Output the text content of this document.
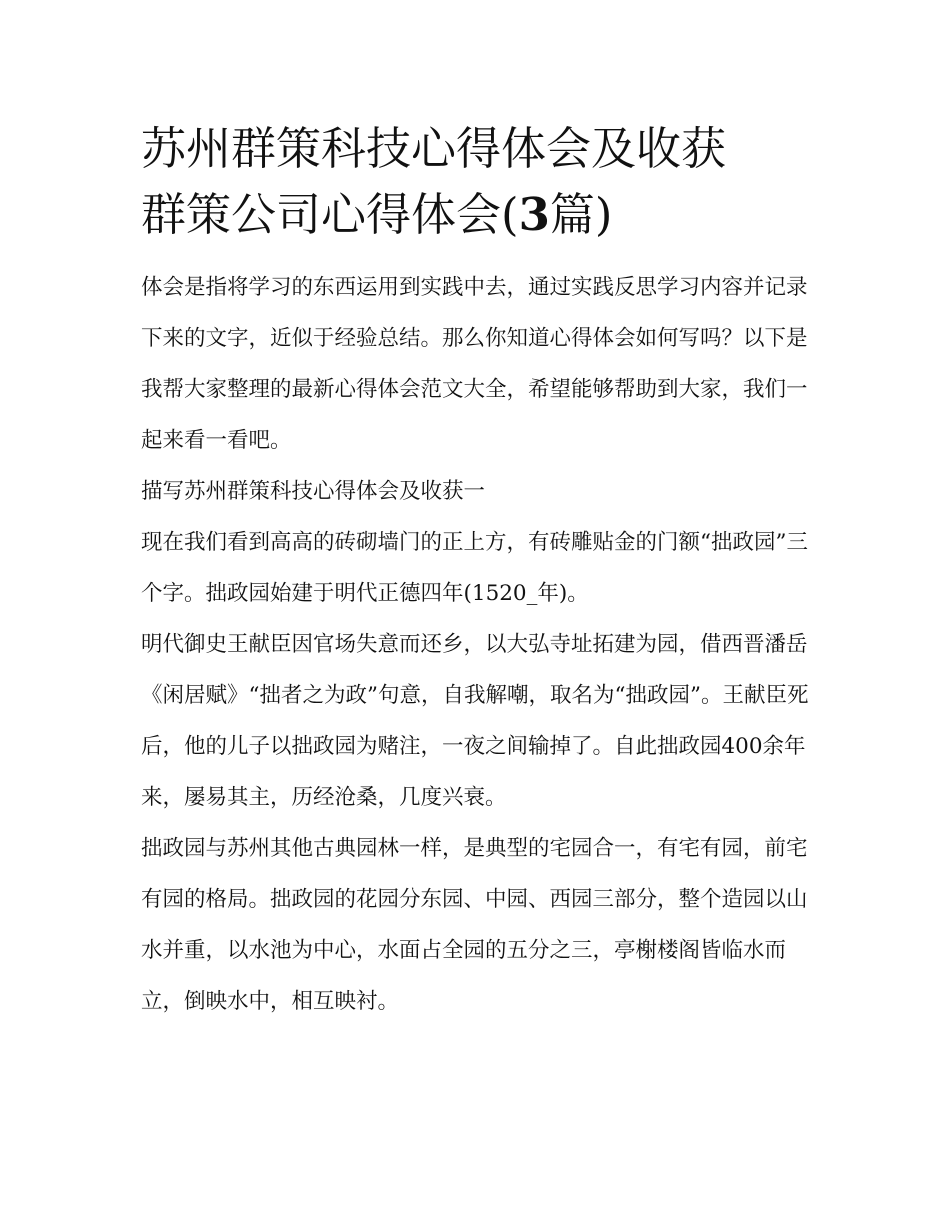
苏州群策科技心得体会及收获
群策公司心得体会(3篇)

体会是指将学习的东西运用到实践中去，通过实践反思学习内容并记录下来的文字，近似于经验总结。那么你知道心得体会如何写吗？以下是我帮大家整理的最新心得体会范文大全，希望能够帮助到大家，我们一起来看一看吧。

描写苏州群策科技心得体会及收获一

现在我们看到高高的砖砌墙门的正上方，有砖雕贴金的门额“拙政园”三个字。拙政园始建于明代正德四年(1520_年)。

明代御史王献臣因官场失意而还乡，以大弘寺址拓建为园，借西晋潘岳《闲居赋》“拙者之为政”句意，自我解嘲，取名为“拙政园”。王献臣死后，他的儿子以拙政园为赌注，一夜之间输掉了。自此拙政园400余年来，屡易其主，历经沧桑，几度兴衰。

拙政园与苏州其他古典园林一样，是典型的宅园合一，有宅有园，前宅有园的格局。拙政园的花园分东园、中园、西园三部分，整个造园以山水并重，以水池为中心，水面占全园的五分之三，亭榭楼阁皆临水而立，倒映水中，相互映衬。
